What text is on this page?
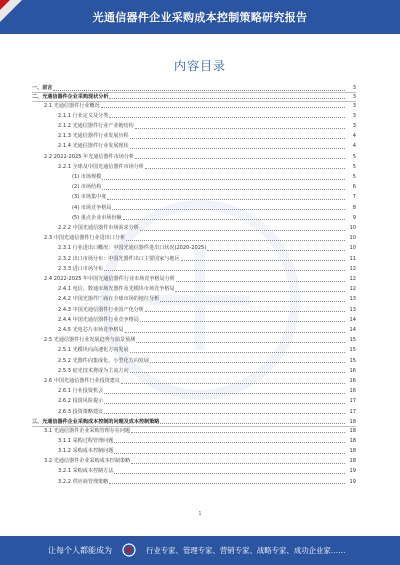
光通信器件企业采购成本控制策略研究报告
内容目录
一、前言	3
二、光通信器件企业采购现状分析	3
2.1 光通信器件行业概况	3
2.1.1 行业定义及分类	3
2.1.2 光通信器件行业产业链结构	3
2.1.3 光通信器件行业发展历程	4
2.1.4 光通信器件行业发展现状	4
2.2 2022-2025 年光通信器件市场分析	5
2.2.1 全球及中国光通信器件市场分析	5
(1) 市场规模	5
(2) 市场结构	6
(3) 市场集中度	7
(4) 市场竞争格局	8
(5) 重点企业市场份额	9
2.2.2 中国光通信器件市场需求分析	10
2.3 中国光通信器件行业进出口分析	10
2.3.1 行业进出口概况：中国光通信器件进出口状况(2020-2025)	10
2.3.2 出口市场分布：中国光器件出口主要国家与地区	11
2.3.3 进口市场分布	12
2.4 2022-2025 年中国光通信器件行业市场竞争格局分析	12
2.4.1 电信、数通市场光器件及光模块市场竞争格局	12
2.4.2 中国光器件厂商在全球市场的地位分析	13
2.4.3 中国光通信器件行业国产化分析	13
2.4.4 中国光通信器件行业竞争格局	14
2.4.5 光电芯片市场竞争格局	14
2.5 光通信器件行业发展趋势与前景预测	15
2.5.1 光模块向高速化方向发展	15
2.5.2 光器件向集成化、小型化方向发展	15
2.5.3 硅光技术将成为主流方向	16
2.6 中国光通信器件行业投资建议	16
2.6.1 行业投资机会	16
2.6.2 投资风险提示	17
2.6.3 投资策略建议	17
三、光通信器件企业采购成本控制的问题及成本控制策略	18
3.1 光通信器件企业采购管理存在问题	18
3.1.1 采购过程管理问题	18
3.1.2 采购成本控制问题	18
3.2 光通信器件企业采购成本控制策略	18
3.2.1 采购成本控制方法	19
3.2.2 供应商管理策略	19
1
让每个人都能成为	行业专家、管理专家、营销专家、战略专家、成功企业家……
